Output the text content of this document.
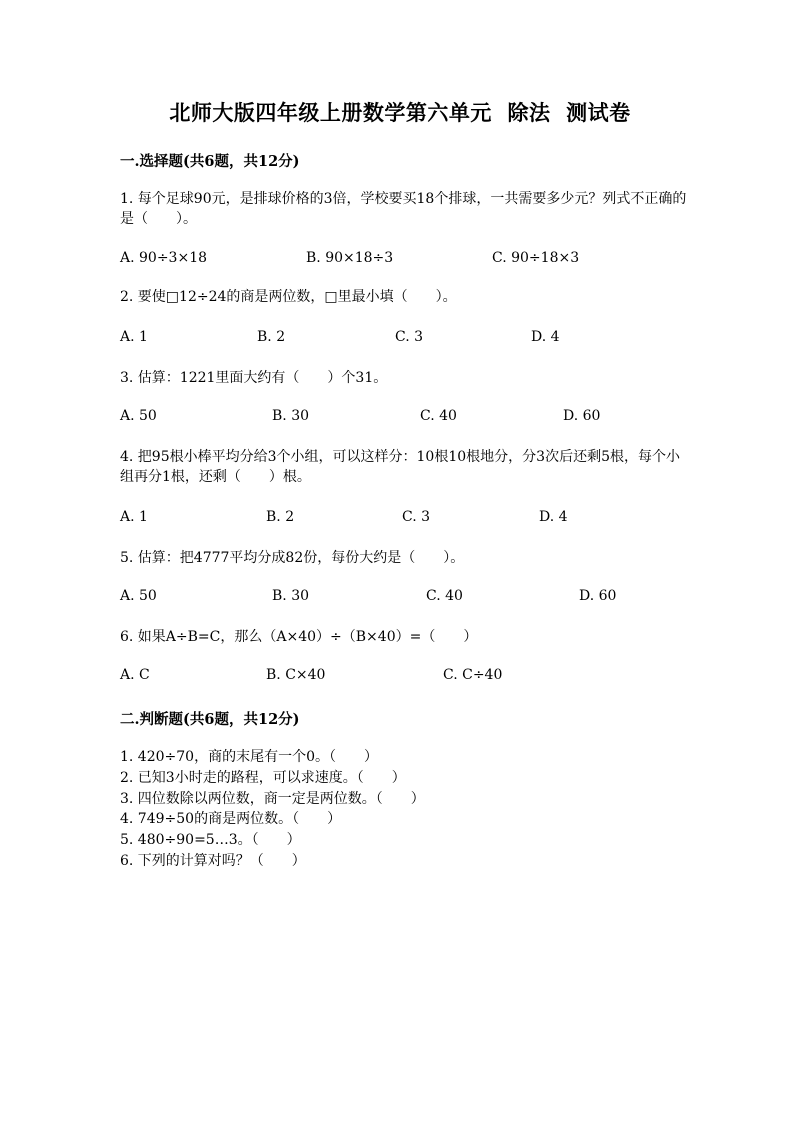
北师大版四年级上册数学第六单元  除法  测试卷
一.选择题(共6题，共12分)
1. 每个足球90元，是排球价格的3倍，学校要买18个排球，一共需要多少元？列式不正确的是（　　）。
A. 90÷3×18	B. 90×18÷3	C. 90÷18×3
2. 要使□12÷24的商是两位数，□里最小填（　　）。
A. 1	B. 2	C. 3	D. 4
3. 估算：1221里面大约有（　　）个31。
A. 50	B. 30	C. 40	D. 60
4. 把95根小棒平均分给3个小组，可以这样分：10根10根地分，分3次后还剩5根，每个小组再分1根，还剩（　　）根。
A. 1	B. 2	C. 3	D. 4
5. 估算：把4777平均分成82份，每份大约是（　　）。
A. 50	B. 30	C. 40	D. 60
6. 如果A÷B=C，那么（A×40）÷（B×40）=（　　）
A. C	B. C×40	C. C÷40
二.判断题(共6题，共12分)
1. 420÷70，商的末尾有一个0。（　　）
2. 已知3小时走的路程，可以求速度。（　　）
3. 四位数除以两位数，商一定是两位数。（　　）
4. 749÷50的商是两位数。（　　）
5. 480÷90=5…3。（　　）
6. 下列的计算对吗？（　　）
